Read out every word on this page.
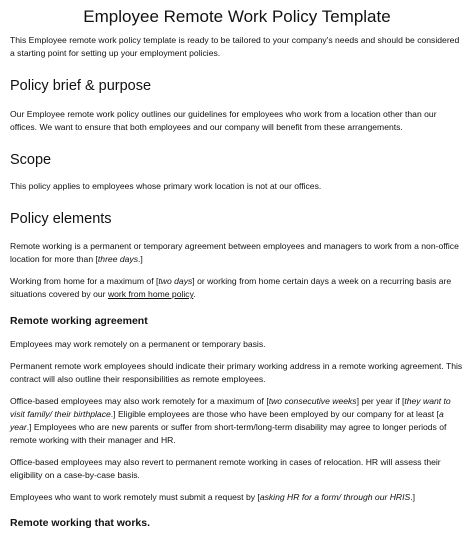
Employee Remote Work Policy Template

This Employee remote work policy template is ready to be tailored to your company's needs and should be considered a starting point for setting up your employment policies.

Policy brief & purpose

Our Employee remote work policy outlines our guidelines for employees who work from a location other than our offices. We want to ensure that both employees and our company will benefit from these arrangements.

Scope

This policy applies to employees whose primary work location is not at our offices.

Policy elements

Remote working is a permanent or temporary agreement between employees and managers to work from a non-office location for more than [three days.]

Working from home for a maximum of [two days] or working from home certain days a week on a recurring basis are situations covered by our work from home policy.

Remote working agreement

Employees may work remotely on a permanent or temporary basis.

Permanent remote work employees should indicate their primary working address in a remote working agreement. This contract will also outline their responsibilities as remote employees.

Office-based employees may also work remotely for a maximum of [two consecutive weeks] per year if [they want to visit family/ their birthplace.] Eligible employees are those who have been employed by our company for at least [a year.] Employees who are new parents or suffer from short-term/long-term disability may agree to longer periods of remote working with their manager and HR.

Office-based employees may also revert to permanent remote working in cases of relocation. HR will assess their eligibility on a case-by-case basis.

Employees who want to work remotely must submit a request by [asking HR for a form/ through our HRIS.]

Remote working that works.
